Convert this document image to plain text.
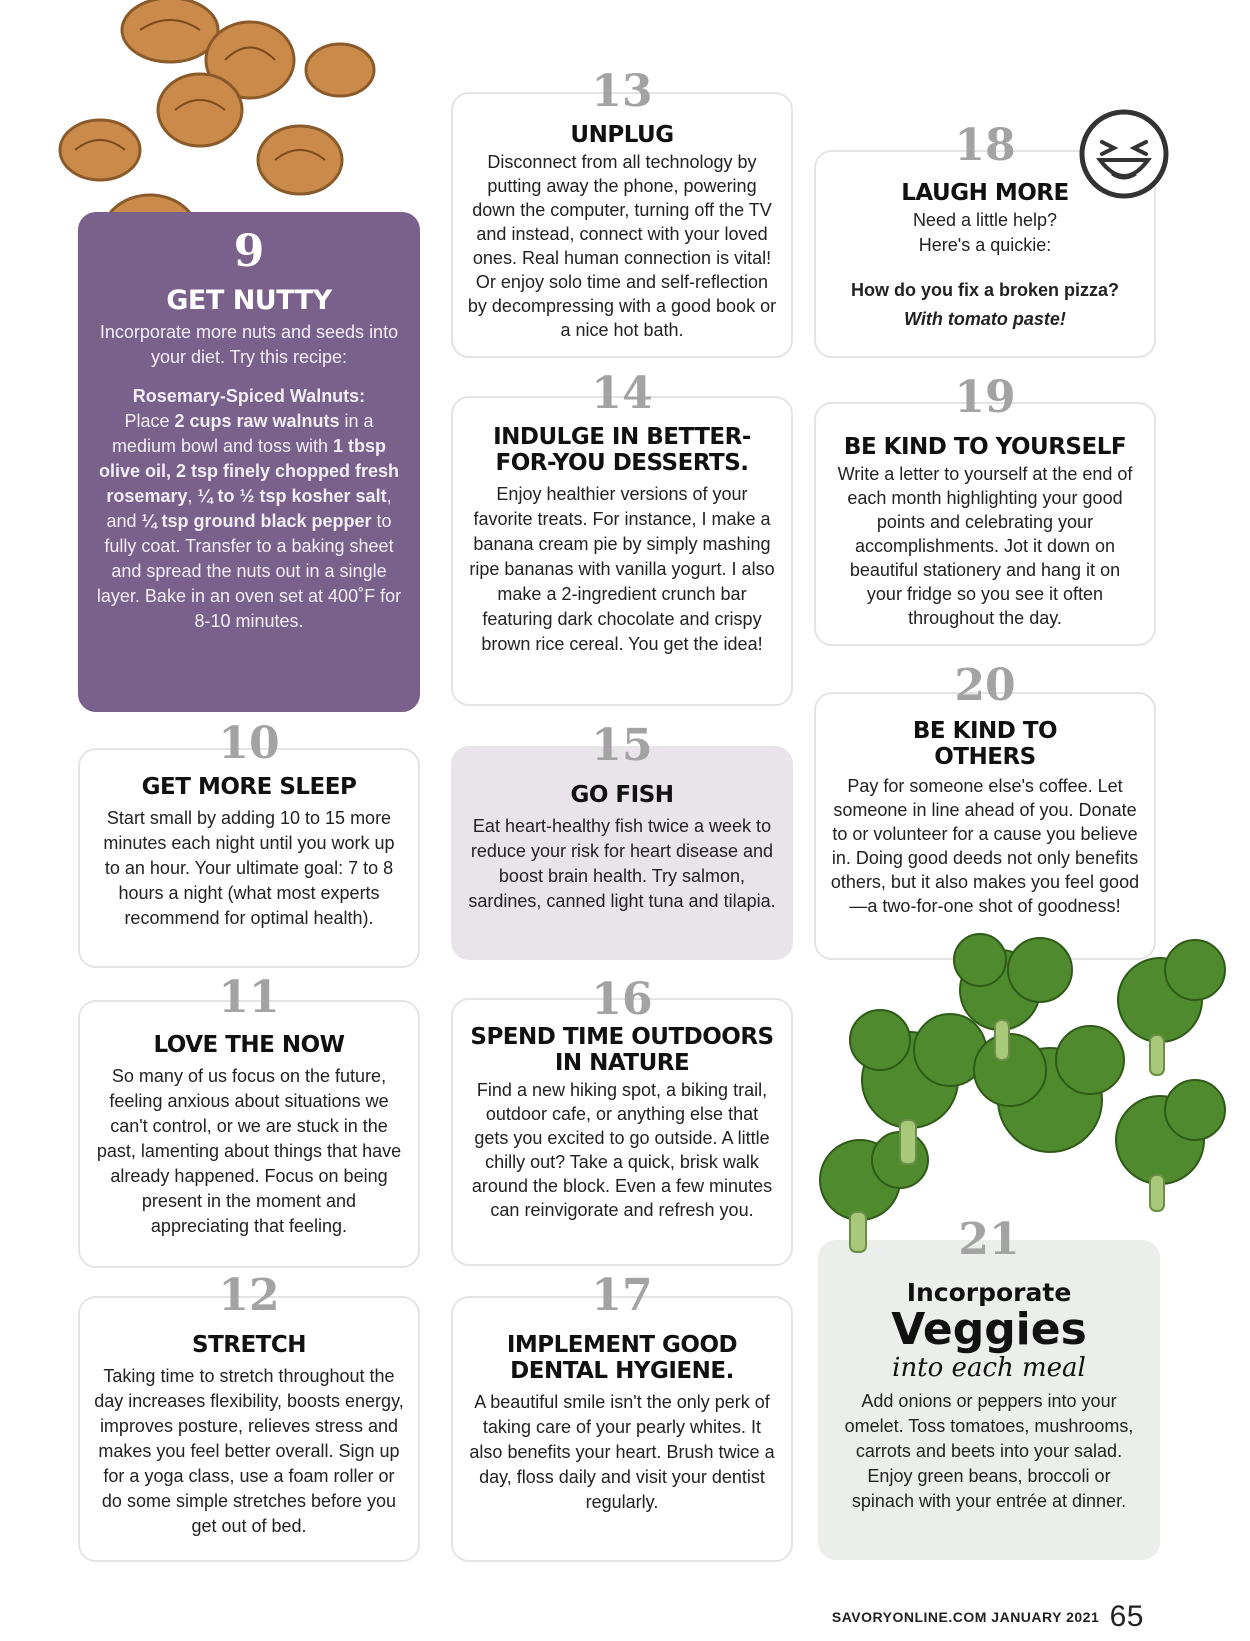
9
GET NUTTY
Incorporate more nuts and seeds into your diet. Try this recipe:
Rosemary-Spiced Walnuts:
Place 2 cups raw walnuts in a medium bowl and toss with 1 tbsp olive oil, 2 tsp finely chopped fresh rosemary, ¼ to ½ tsp kosher salt, and ¼ tsp ground black pepper to fully coat. Transfer to a baking sheet and spread the nuts out in a single layer. Bake in an oven set at 400˚F for 8-10 minutes.
10
GET MORE SLEEP
Start small by adding 10 to 15 more minutes each night until you work up to an hour. Your ultimate goal: 7 to 8 hours a night (what most experts recommend for optimal health).
11
LOVE THE NOW
So many of us focus on the future, feeling anxious about situations we can't control, or we are stuck in the past, lamenting about things that have already happened. Focus on being present in the moment and appreciating that feeling.
12
STRETCH
Taking time to stretch throughout the day increases flexibility, boosts energy, improves posture, relieves stress and makes you feel better overall. Sign up for a yoga class, use a foam roller or do some simple stretches before you get out of bed.
13
UNPLUG
Disconnect from all technology by putting away the phone, powering down the computer, turning off the TV and instead, connect with your loved ones. Real human connection is vital! Or enjoy solo time and self-reflection by decompressing with a good book or a nice hot bath.
14
INDULGE IN BETTER-FOR-YOU DESSERTS.
Enjoy healthier versions of your favorite treats. For instance, I make a banana cream pie by simply mashing ripe bananas with vanilla yogurt. I also make a 2-ingredient crunch bar featuring dark chocolate and crispy brown rice cereal. You get the idea!
15
GO FISH
Eat heart-healthy fish twice a week to reduce your risk for heart disease and boost brain health. Try salmon, sardines, canned light tuna and tilapia.
16
SPEND TIME OUTDOORS IN NATURE
Find a new hiking spot, a biking trail, outdoor cafe, or anything else that gets you excited to go outside. A little chilly out? Take a quick, brisk walk around the block. Even a few minutes can reinvigorate and refresh you.
17
IMPLEMENT GOOD DENTAL HYGIENE.
A beautiful smile isn't the only perk of taking care of your pearly whites. It also benefits your heart. Brush twice a day, floss daily and visit your dentist regularly.
18
LAUGH MORE
Need a little help? Here's a quickie:
How do you fix a broken pizza?
With tomato paste!
19
BE KIND TO YOURSELF
Write a letter to yourself at the end of each month highlighting your good points and celebrating your accomplishments. Jot it down on beautiful stationery and hang it on your fridge so you see it often throughout the day.
20
BE KIND TO OTHERS
Pay for someone else's coffee. Let someone in line ahead of you. Donate to or volunteer for a cause you believe in. Doing good deeds not only benefits others, but it also makes you feel good—a two-for-one shot of goodness!
21
Incorporate
Veggies
into each meal
Add onions or peppers into your omelet. Toss tomatoes, mushrooms, carrots and beets into your salad. Enjoy green beans, broccoli or spinach with your entrée at dinner.
SAVORYONLINE.COM JANUARY 2021 65
